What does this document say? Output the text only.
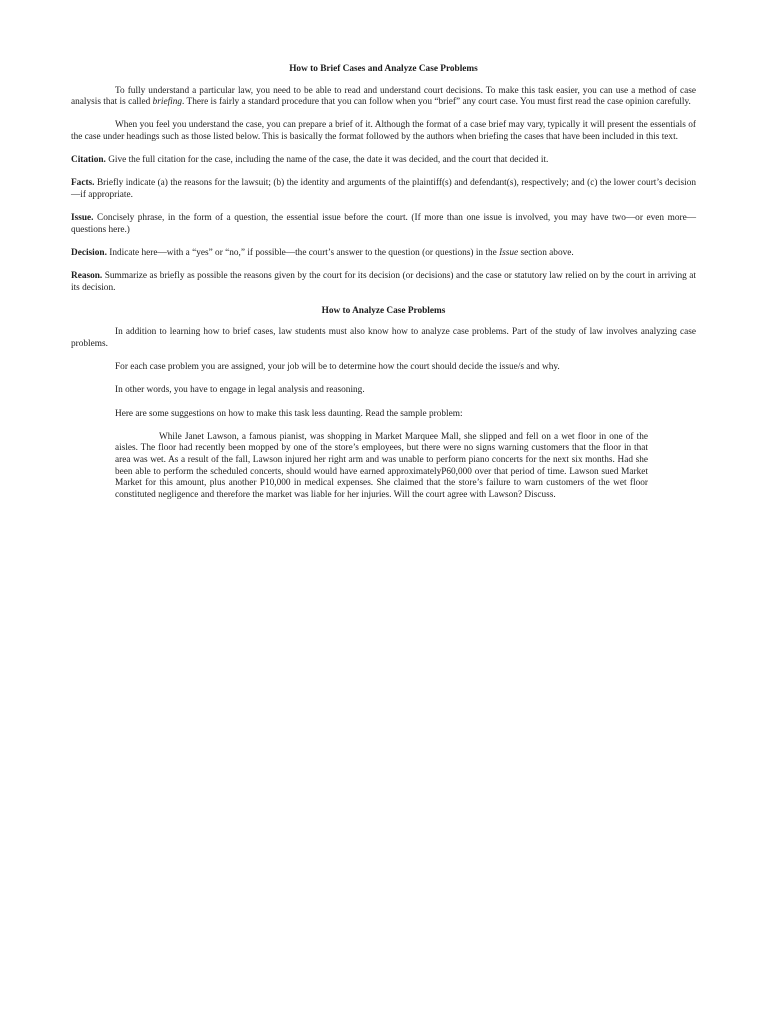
How to Brief Cases and Analyze Case Problems

To fully understand a particular law, you need to be able to read and understand court decisions. To make this task easier, you can use a method of case analysis that is called briefing. There is fairly a standard procedure that you can follow when you “brief” any court case. You must first read the case opinion carefully.

When you feel you understand the case, you can prepare a brief of it. Although the format of a case brief may vary, typically it will present the essentials of the case under headings such as those listed below. This is basically the format followed by the authors when briefing the cases that have been included in this text.

Citation. Give the full citation for the case, including the name of the case, the date it was decided, and the court that decided it.

Facts. Briefly indicate (a) the reasons for the lawsuit; (b) the identity and arguments of the plaintiff(s) and defendant(s), respectively; and (c) the lower court’s decision—if appropriate.

Issue. Concisely phrase, in the form of a question, the essential issue before the court. (If more than one issue is involved, you may have two—or even more—questions here.)

Decision. Indicate here—with a “yes” or “no,” if possible—the court’s answer to the question (or questions) in the Issue section above.

Reason. Summarize as briefly as possible the reasons given by the court for its decision (or decisions) and the case or statutory law relied on by the court in arriving at its decision.

How to Analyze Case Problems

In addition to learning how to brief cases, law students must also know how to analyze case problems. Part of the study of law involves analyzing case problems.

For each case problem you are assigned, your job will be to determine how the court should decide the issue/s and why.

In other words, you have to engage in legal analysis and reasoning.

Here are some suggestions on how to make this task less daunting. Read the sample problem:

While Janet Lawson, a famous pianist, was shopping in Market Marquee Mall, she slipped and fell on a wet floor in one of the aisles. The floor had recently been mopped by one of the store’s employees, but there were no signs warning customers that the floor in that area was wet. As a result of the fall, Lawson injured her right arm and was unable to perform piano concerts for the next six months. Had she been able to perform the scheduled concerts, should would have earned approximatelyP60,000 over that period of time. Lawson sued Market Market for this amount, plus another P10,000 in medical expenses. She claimed that the store’s failure to warn customers of the wet floor constituted negligence and therefore the market was liable for her injuries. Will the court agree with Lawson? Discuss.
